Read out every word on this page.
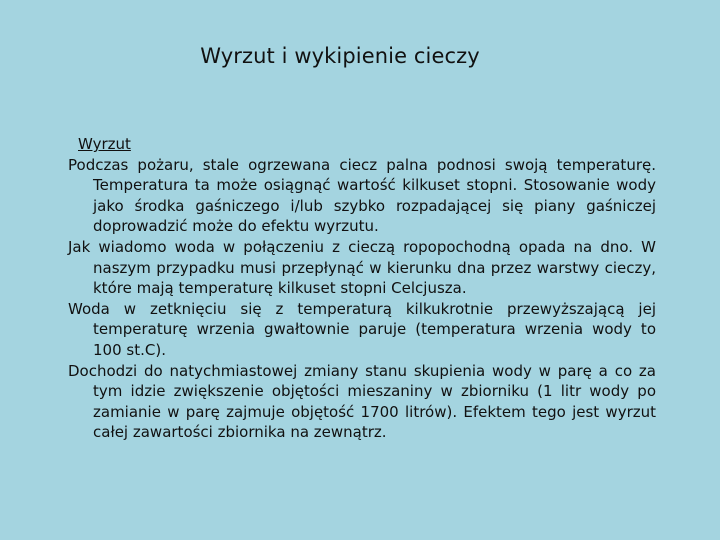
Wyrzut i wykipienie cieczy
Wyrzut

Podczas pożaru, stale ogrzewana ciecz palna podnosi swoją temperaturę. Temperatura ta może osiągnąć wartość kilkuset stopni. Stosowanie wody jako środka gaśniczego i/lub szybko rozpadającej się piany gaśniczej doprowadzić może do efektu wyrzutu.

Jak wiadomo woda w połączeniu z cieczą ropopochodną opada na dno. W naszym przypadku musi przepłynąć w kierunku dna przez warstwy cieczy, które mają temperaturę kilkuset stopni Celcjusza.

Woda w zetknięciu się z temperaturą kilkukrotnie przewyższającą jej temperaturę wrzenia gwałtownie paruje (temperatura wrzenia wody to 100 st.C).

Dochodzi do natychmiastowej zmiany stanu skupienia wody w parę a co za tym idzie zwiększenie objętości mieszaniny w zbiorniku (1 litr wody po zamianie w parę zajmuje objętość 1700 litrów). Efektem tego jest wyrzut całej zawartości zbiornika na zewnątrz.
